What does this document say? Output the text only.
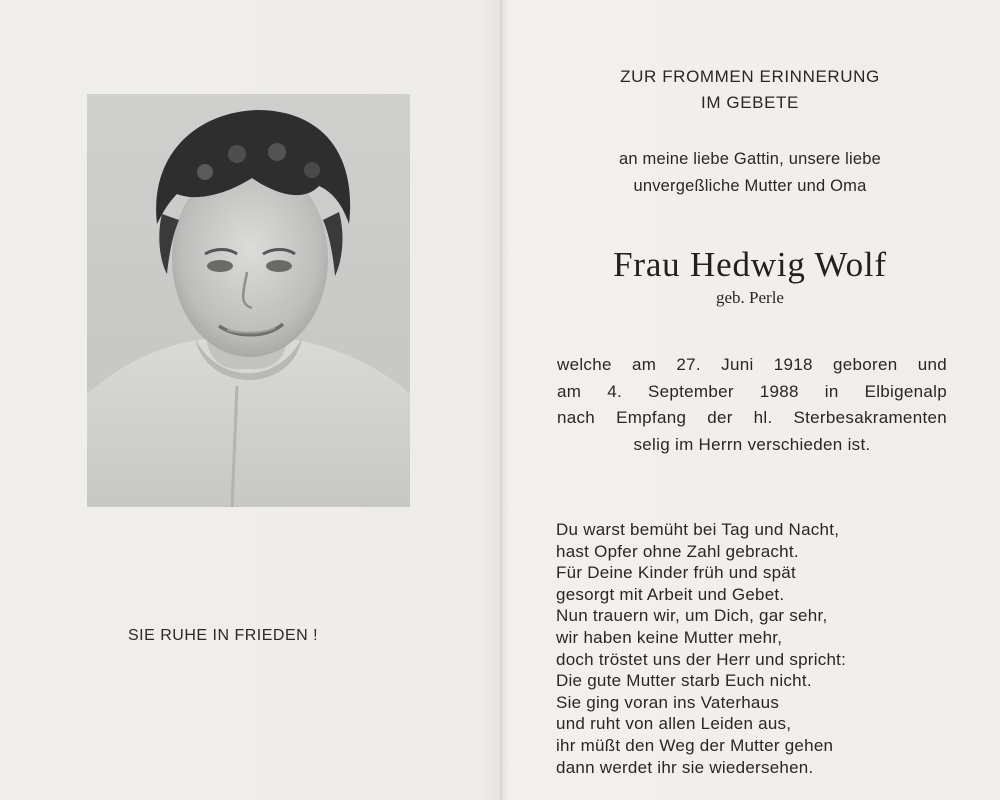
SIE RUHE IN FRIEDEN !
ZUR FROMMEN ERINNERUNG
IM GEBETE
an meine liebe Gattin, unsere liebe
unvergeßliche Mutter und Oma
Frau Hedwig Wolf
geb. Perle
welche am 27. Juni 1918 geboren und
am 4. September 1988 in Elbigenalp
nach Empfang der hl. Sterbesakramenten
selig im Herrn verschieden ist.
Du warst bemüht bei Tag und Nacht,
hast Opfer ohne Zahl gebracht.
Für Deine Kinder früh und spät
gesorgt mit Arbeit und Gebet.
Nun trauern wir, um Dich, gar sehr,
wir haben keine Mutter mehr,
doch tröstet uns der Herr und spricht:
Die gute Mutter starb Euch nicht.
Sie ging voran ins Vaterhaus
und ruht von allen Leiden aus,
ihr müßt den Weg der Mutter gehen
dann werdet ihr sie wiedersehen.
